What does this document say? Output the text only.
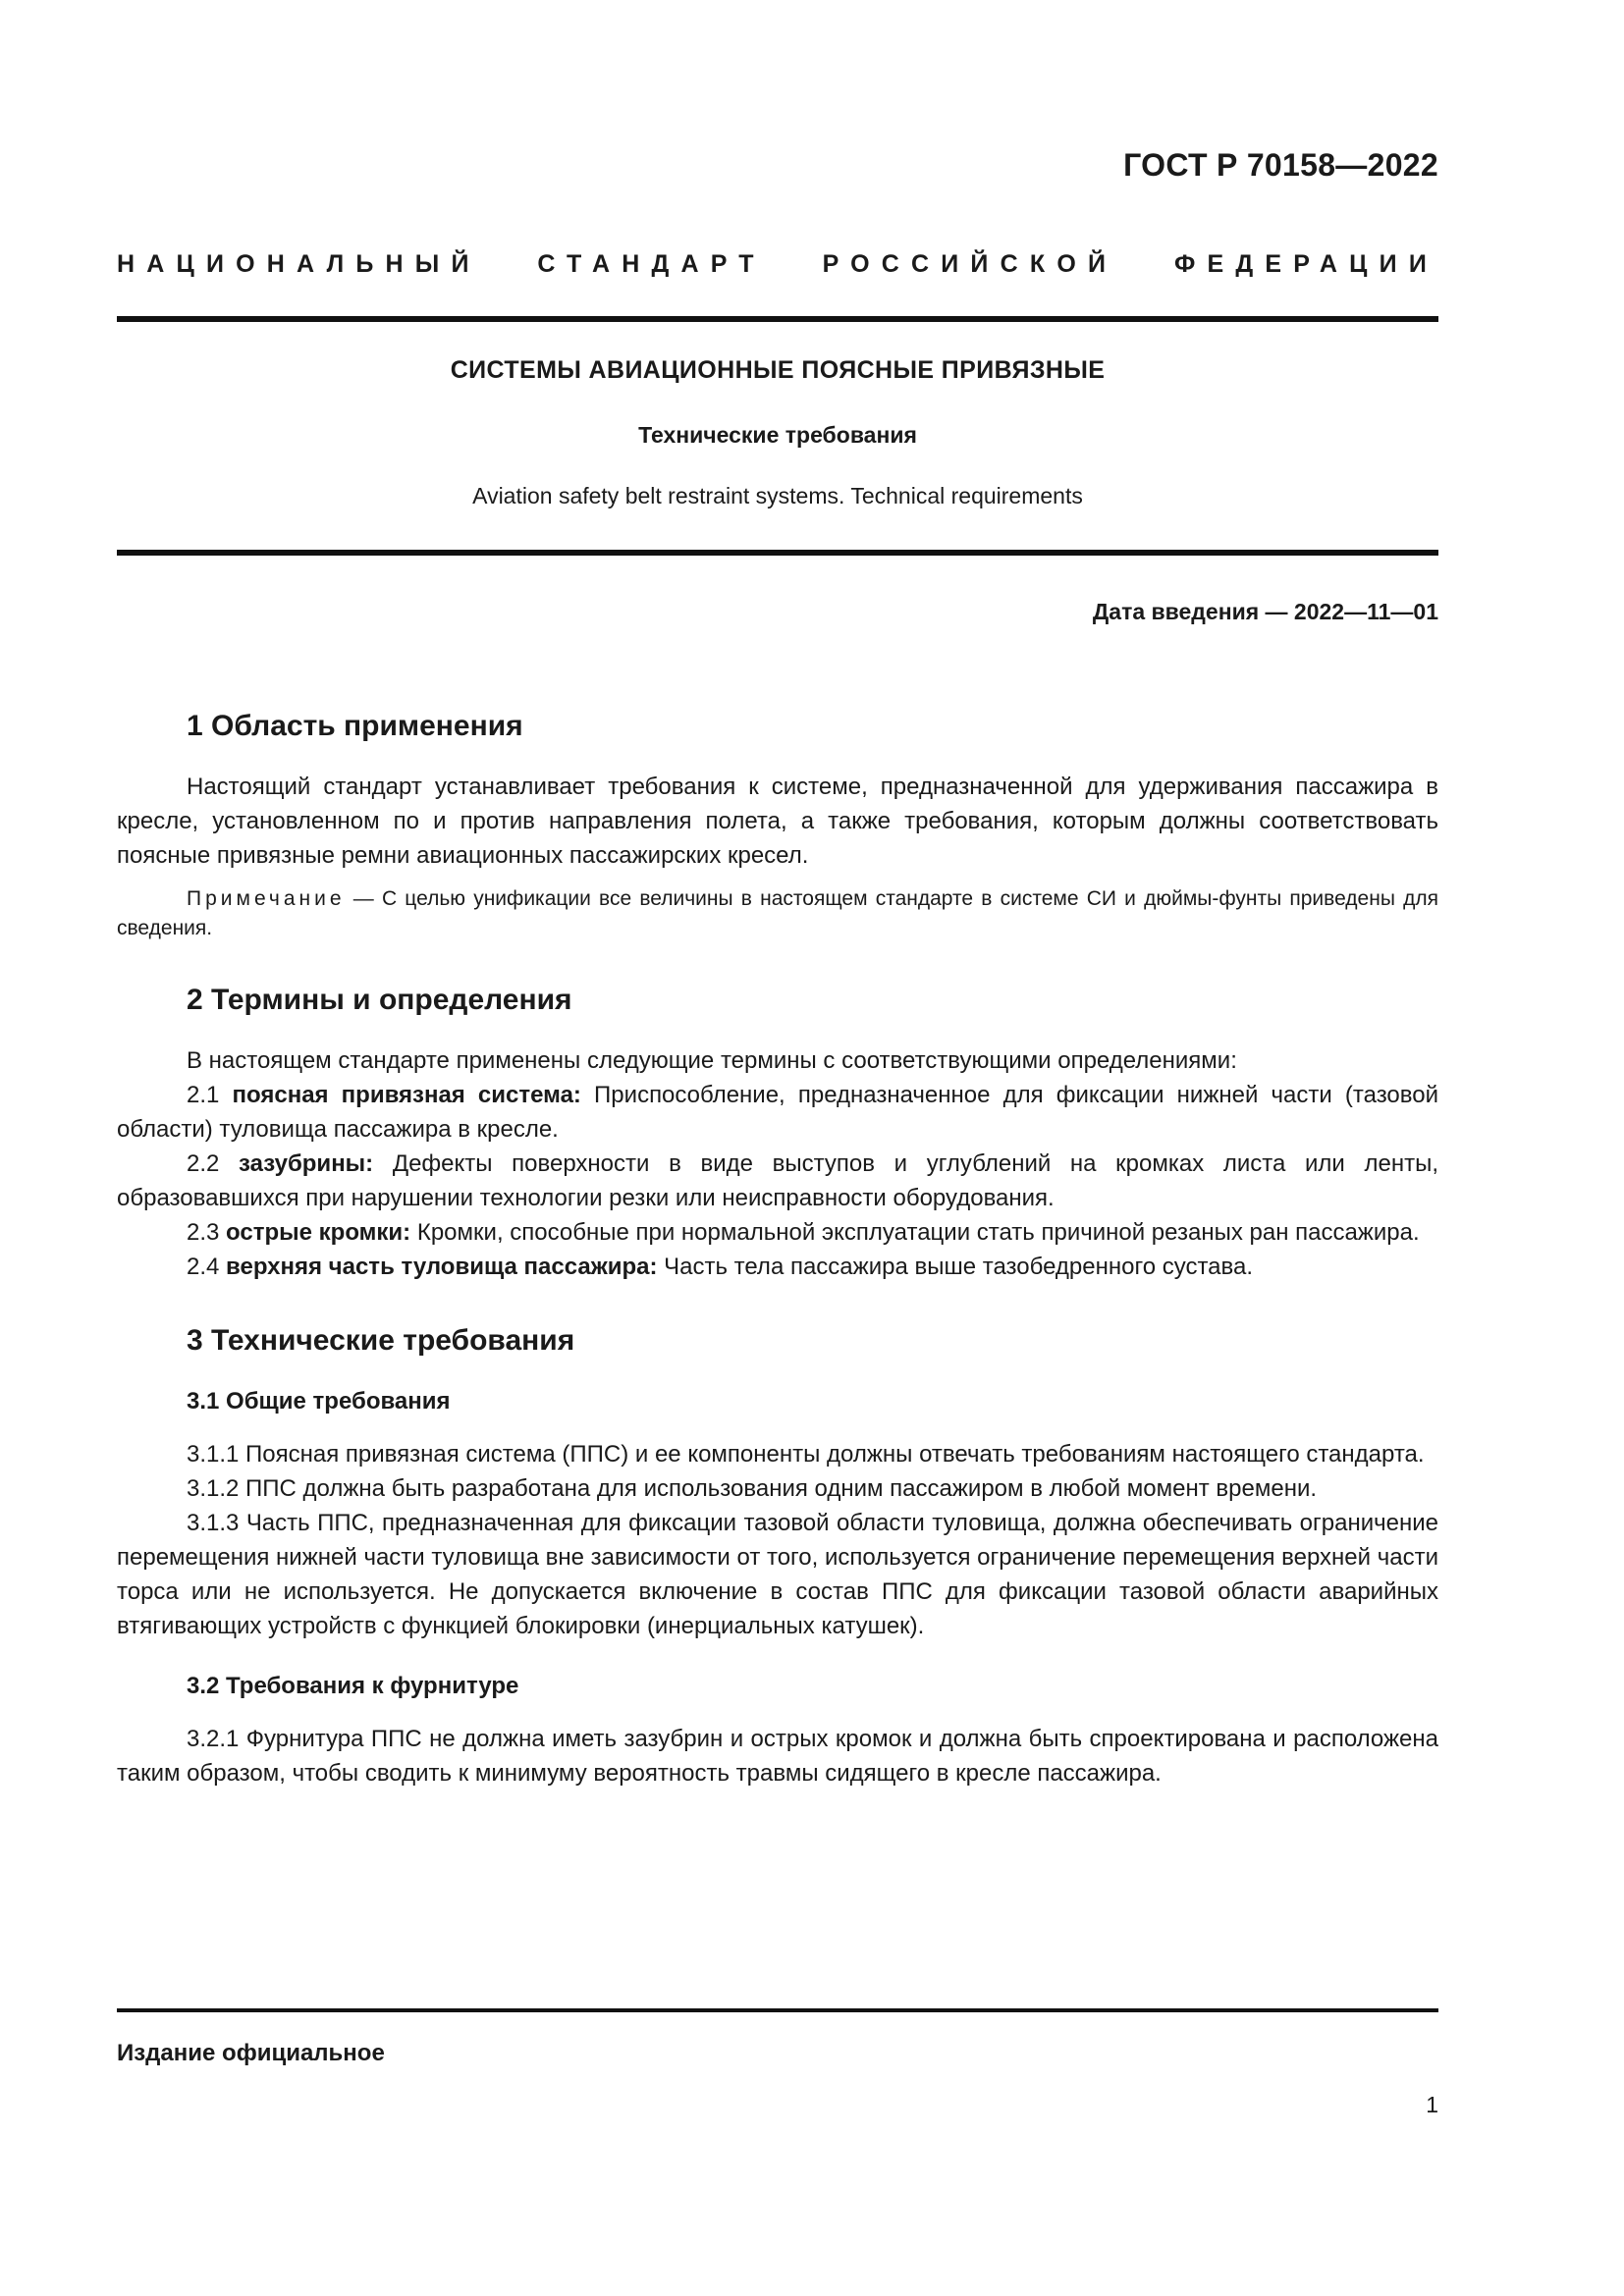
ГОСТ Р 70158—2022
НАЦИОНАЛЬНЫЙ СТАНДАРТ РОССИЙСКОЙ ФЕДЕРАЦИИ
СИСТЕМЫ АВИАЦИОННЫЕ ПОЯСНЫЕ ПРИВЯЗНЫЕ
Технические требования
Aviation safety belt restraint systems. Technical requirements
Дата введения — 2022—11—01
1 Область применения

Настоящий стандарт устанавливает требования к системе, предназначенной для удерживания пассажира в кресле, установленном по и против направления полета, а также требования, которым должны соответствовать поясные привязные ремни авиационных пассажирских кресел.

Примечание — С целью унификации все величины в настоящем стандарте в системе СИ и дюймы-фунты приведены для сведения.

2 Термины и определения

В настоящем стандарте применены следующие термины с соответствующими определениями:

2.1 поясная привязная система: Приспособление, предназначенное для фиксации нижней части (тазовой области) туловища пассажира в кресле.

2.2 зазубрины: Дефекты поверхности в виде выступов и углублений на кромках листа или ленты, образовавшихся при нарушении технологии резки или неисправности оборудования.

2.3 острые кромки: Кромки, способные при нормальной эксплуатации стать причиной резаных ран пассажира.

2.4 верхняя часть туловища пассажира: Часть тела пассажира выше тазобедренного сустава.

3 Технические требования
3.1 Общие требования

3.1.1 Поясная привязная система (ППС) и ее компоненты должны отвечать требованиям настоящего стандарта.

3.1.2 ППС должна быть разработана для использования одним пассажиром в любой момент времени.

3.1.3 Часть ППС, предназначенная для фиксации тазовой области туловища, должна обеспечивать ограничение перемещения нижней части туловища вне зависимости от того, используется ограничение перемещения верхней части торса или не используется. Не допускается включение в состав ППС для фиксации тазовой области аварийных втягивающих устройств с функцией блокировки (инерциальных катушек).

3.2 Требования к фурнитуре

3.2.1 Фурнитура ППС не должна иметь зазубрин и острых кромок и должна быть спроектирована и расположена таким образом, чтобы сводить к минимуму вероятность травмы сидящего в кресле пассажира.

Издание официальное
1
